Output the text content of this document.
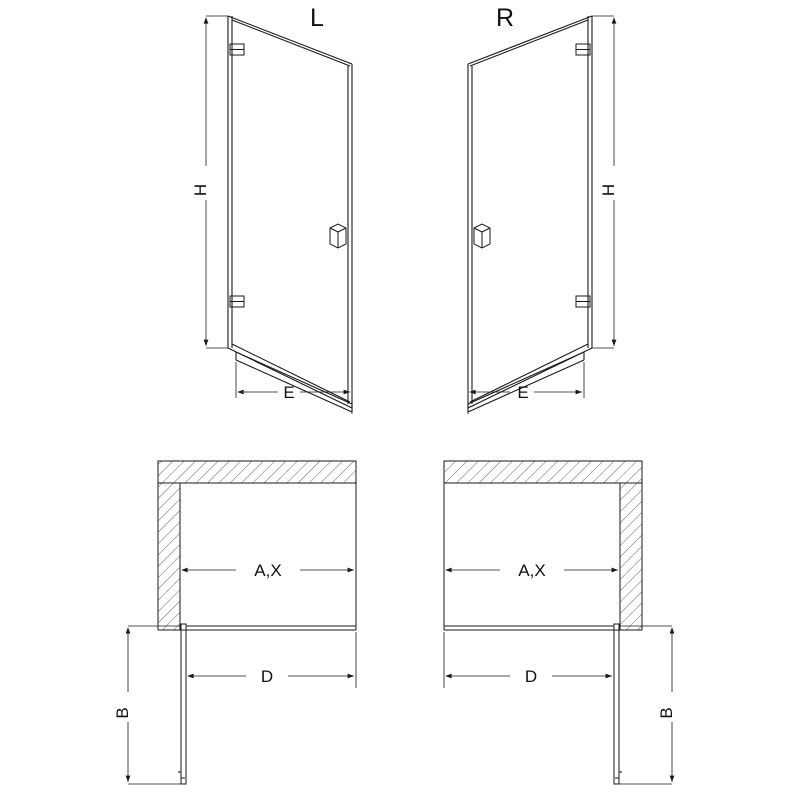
H
E
L
H
E
R
A,X
D
B
A,X
D
B
